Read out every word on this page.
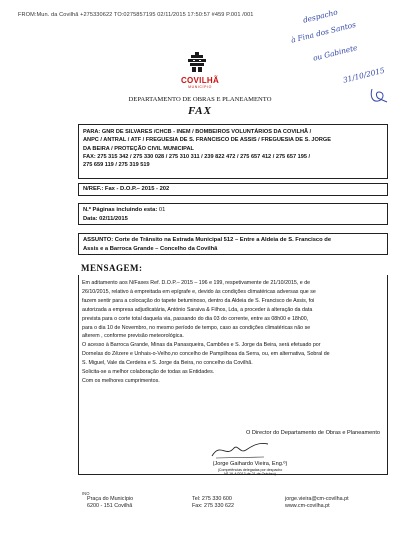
FROM:Mun. da Covilhã +275330622 TO:0275857195 02/11/2015 17:50:57 #459 P.001 /001	despacho
à Fina dos Santos
ou Gabinete
31/10/2015
COVILHÃ
MUNICÍPIO
DEPARTAMENTO DE OBRAS E PLANEAMENTO
FAX
PARA: GNR DE SILVARES /CHCB - INEM / BOMBEIROS VOLUNTÁRIOS DA COVILHÃ /
ANPC / ANTRAL / ATF / FREGUESIA DE S. FRANCISCO DE ASSIS / FREGUESIA DE S. JORGE
DA BEIRA / PROTEÇÃO CIVIL MUNICIPAL
FAX: 275 315 342 / 275 330 028 / 275 310 311 / 239 822 472 / 275 657 412 / 275 657 195 /
275 659 119 / 275 319 519
N/REF.: Fax - D.O.P.– 2015 - 202
N.º Páginas incluindo esta: 01
Data: 02/11/2015
ASSUNTO: Corte de Trânsito na Estrada Municipal 512 – Entre a Aldeia de S. Francisco de
Assis e a Barroca Grande – Concelho da Covilhã
MENSAGEM:

Em aditamento aos N/Faxes Ref. D.O.P.– 2015 – 196 e 199, respetivamente de 21/10/2015, e de

26/10/2015, relativo à empreitada em epígrafe e, devido às condições climatéricas adversas que se

fazem sentir para a colocação do tapete betuminoso, dentro da Aldeia de S. Francisco de Assis, foi

autorizada a empresa adjudicatária, António Saraiva & Filhos, Lda, a proceder à alteração da data

prevista para o corte total daquela via, passando do dia 03 do corrente, entre as 08h00 e 18h00,

para o dia 10 de Novembro, no mesmo período de tempo, caso as condições climatéricas não se

alterem , conforme previsão meteorológica.

O acesso à Barroca Grande, Minas da Panasqueira, Cambões e S. Jorge da Beira, será efetuado por

Dornelas do Zêzere e Unhais-o-Velho,no concelho de Pampilhosa da Serra, ou, em alternativa, Sobral de

S. Miguel, Vale da Cerdeira e S. Jorge da Beira, no concelho da Covilhã.

Solicita-se a melhor colaboração de todas as Entidades.

Com os melhores cumprimentos.

O Director do Departamento de Obras e Planeamento
(Jorge Gaihardo Vieira, Eng.º)
(Competências delegadas por despacho
Nº 19-A/2013 de 21 de Outubro)
INO
Praça do Município
6200 - 151 Covilhã
Tel: 275 330 600
Fax: 275 330 622
jorge.vieira@cm-covilha.pt
www.cm-covilha.pt
